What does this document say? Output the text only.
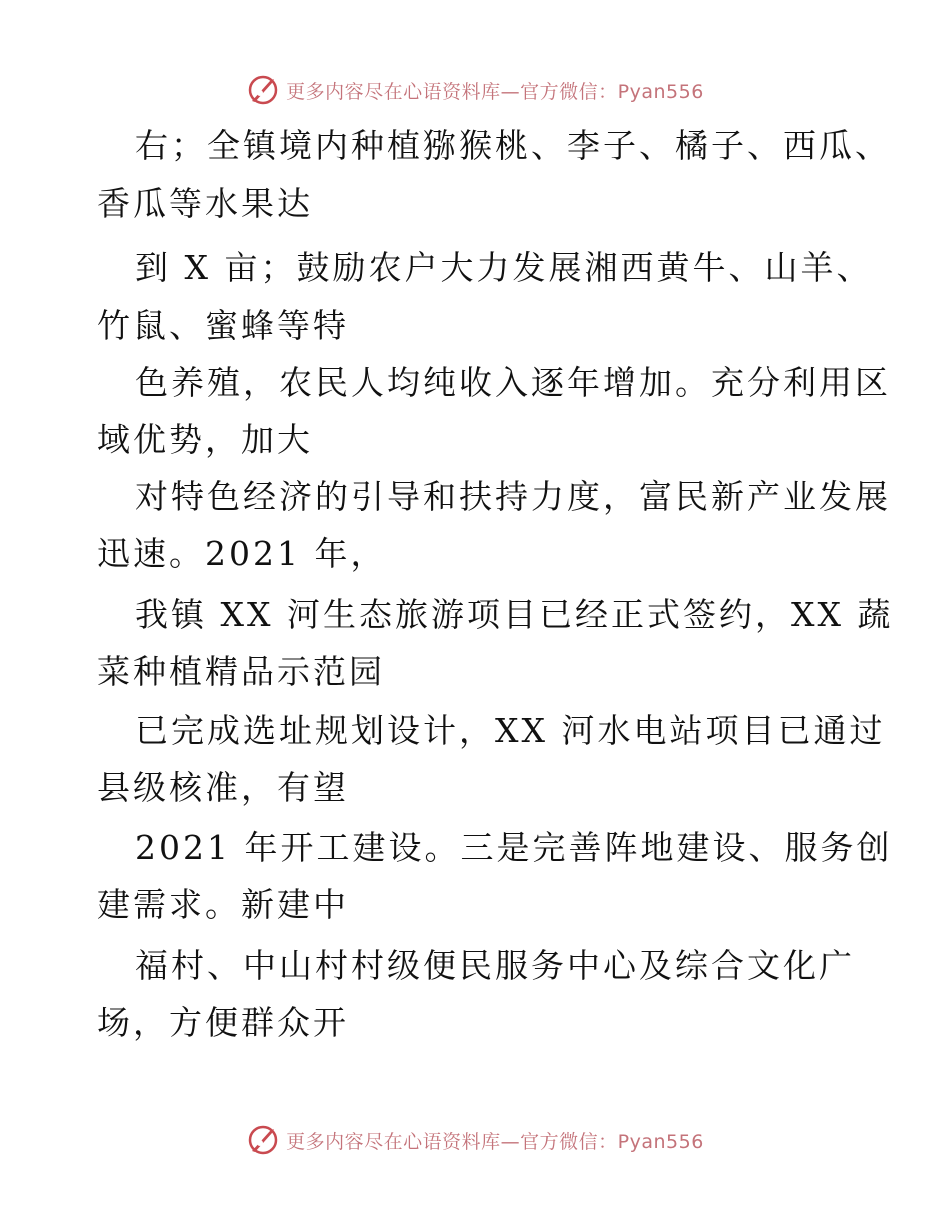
更多内容尽在心语资料库—官方微信：Pyan556
右；全镇境内种植猕猴桃、李子、橘子、西瓜、
香瓜等水果达
到 X 亩；鼓励农户大力发展湘西黄牛、山羊、
竹鼠、蜜蜂等特
色养殖，农民人均纯收入逐年增加。充分利用区
域优势，加大
对特色经济的引导和扶持力度，富民新产业发展
迅速。2021 年，
我镇 XX 河生态旅游项目已经正式签约，XX 蔬
菜种植精品示范园
已完成选址规划设计，XX 河水电站项目已通过
县级核准，有望
2021 年开工建设。三是完善阵地建设、服务创
建需求。新建中
福村、中山村村级便民服务中心及综合文化广
场，方便群众开
更多内容尽在心语资料库—官方微信：Pyan556
